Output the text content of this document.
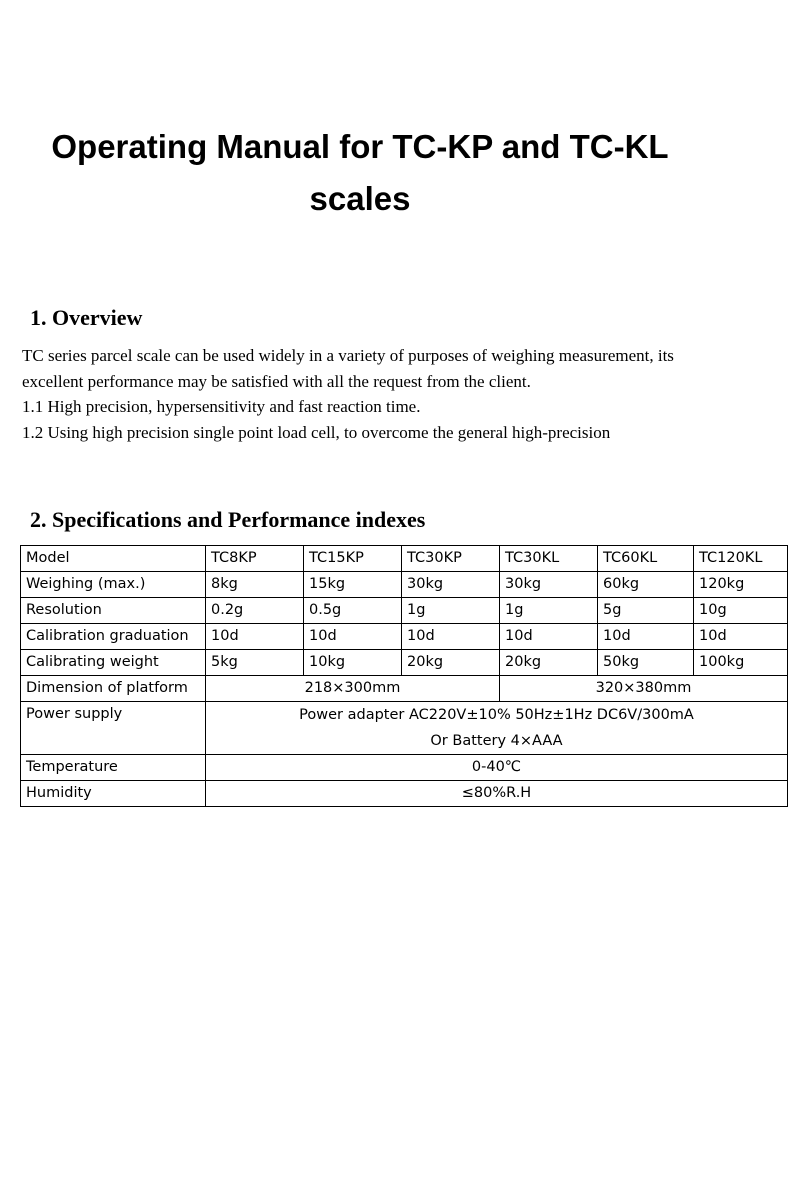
Operating Manual for TC-KP and TC-KL
scales
1. Overview
TC series parcel scale can be used widely in a variety of purposes of weighing measurement, its
excellent performance may be satisfied with all the request from the client.
1.1 High precision, hypersensitivity and fast reaction time.
1.2 Using high precision single point load cell, to overcome the general high-precision
2. Specifications and Performance indexes
Model	TC8KP	TC15KP	TC30KP	TC30KL	TC60KL	TC120KL
Weighing (max.)	8kg	15kg	30kg	30kg	60kg	120kg
Resolution	0.2g	0.5g	1g	1g	5g	10g
Calibration graduation	10d	10d	10d	10d	10d	10d
Calibrating weight	5kg	10kg	20kg	20kg	50kg	100kg
Dimension of platform	218×300mm			320×380mm		
Power supply	Power adapter AC220V±10% 50Hz±1Hz DC6V/300mA
Or Battery 4×AAA					

Temperature	0-40℃					
Humidity	≤80%R.H					
